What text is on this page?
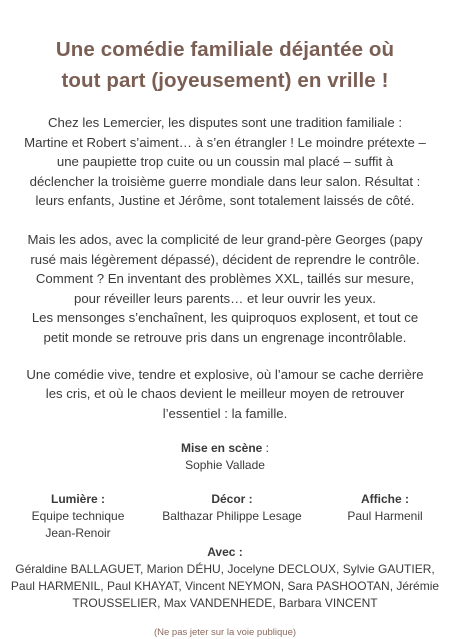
Une comédie familiale déjantée où
tout part (joyeusement) en vrille !

Chez les Lemercier, les disputes sont une tradition familiale :
Martine et Robert s’aiment… à s’en étrangler ! Le moindre prétexte –
une paupiette trop cuite ou un coussin mal placé – suffit à
déclencher la troisième guerre mondiale dans leur salon. Résultat :
leurs enfants, Justine et Jérôme, sont totalement laissés de côté.

Mais les ados, avec la complicité de leur grand-père Georges (papy
rusé mais légèrement dépassé), décident de reprendre le contrôle.
Comment ? En inventant des problèmes XXL, taillés sur mesure,
pour réveiller leurs parents… et leur ouvrir les yeux.
Les mensonges s’enchaînent, les quiproquos explosent, et tout ce
petit monde se retrouve pris dans un engrenage incontrôlable.

Une comédie vive, tendre et explosive, où l’amour se cache derrière
les cris, et où le chaos devient le meilleur moyen de retrouver
l’essentiel : la famille.

Mise en scène :
Sophie Vallade
Lumière :
Equipe technique
Jean-Renoir
Décor :
Balthazar Philippe Lesage
Affiche :
Paul Harmenil
Avec :
Géraldine BALLAGUET, Marion DÉHU, Jocelyne DECLOUX, Sylvie GAUTIER,
Paul HARMENIL, Paul KHAYAT, Vincent NEYMON, Sara PASHOOTAN, Jérémie
TROUSSELIER, Max VANDENHEDE, Barbara VINCENT
(Ne pas jeter sur la voie publique)
